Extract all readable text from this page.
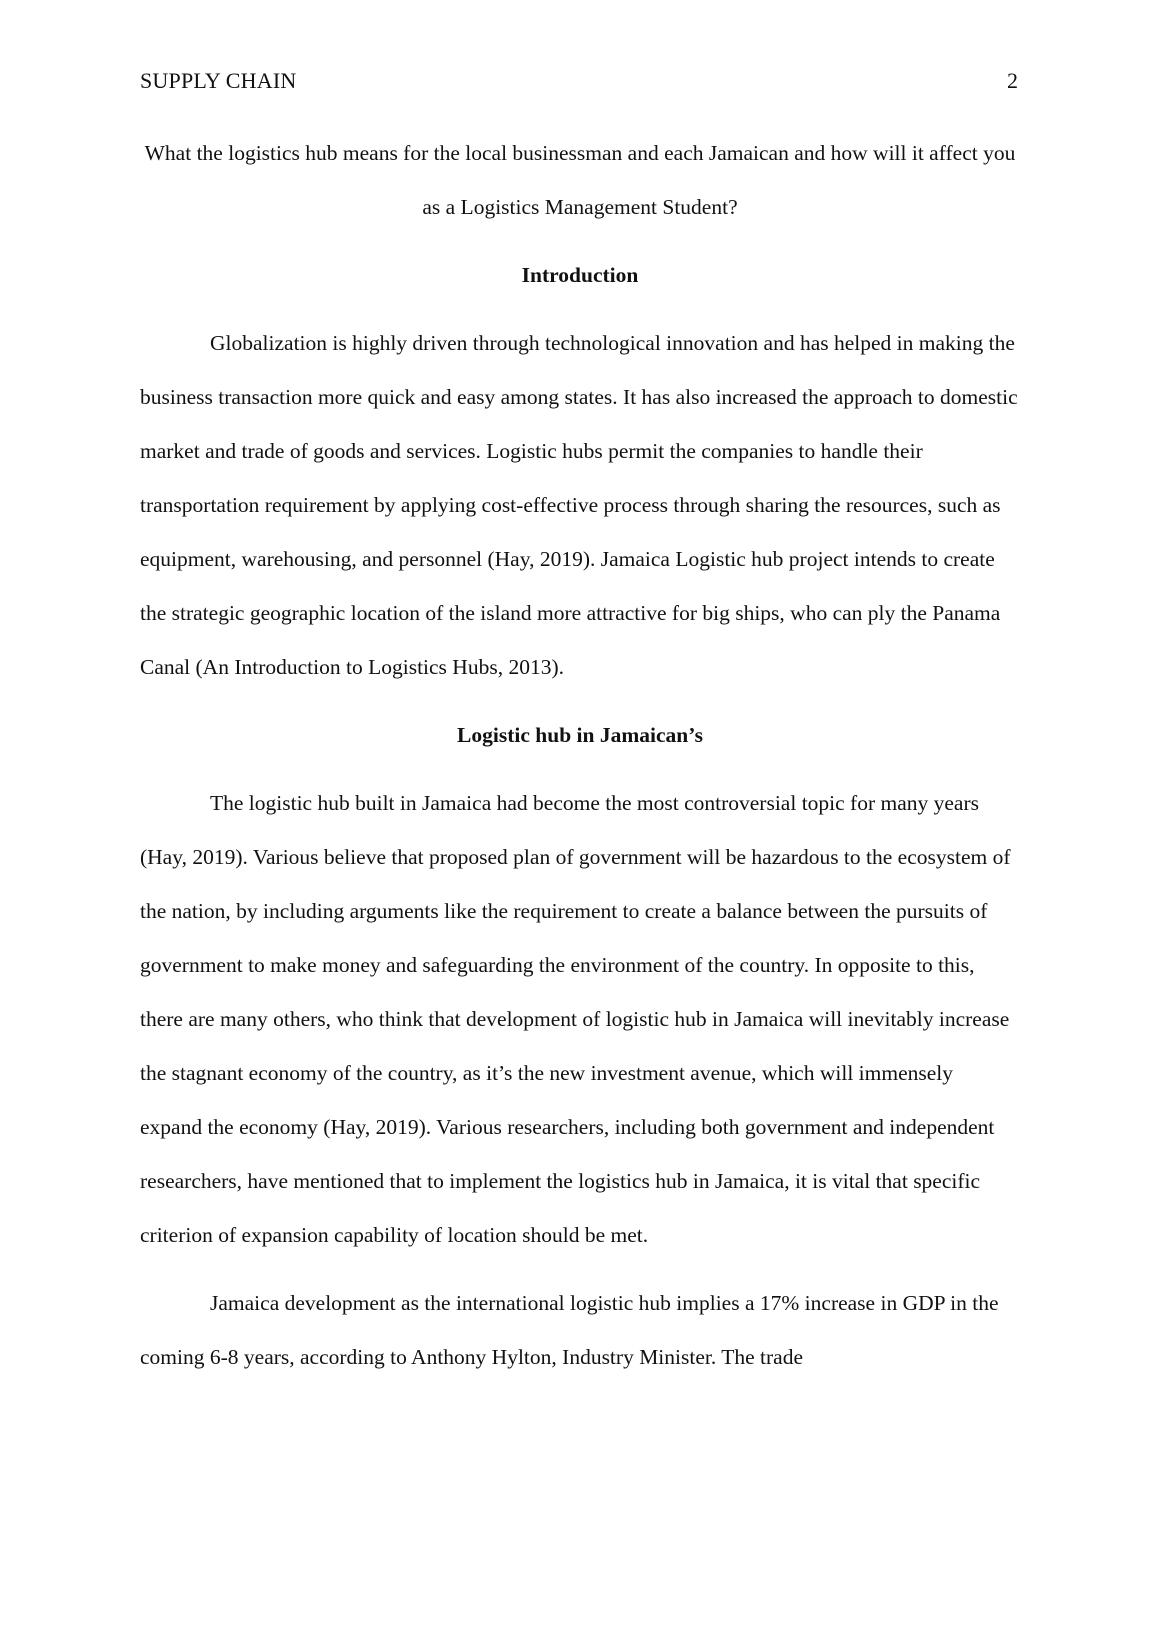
SUPPLY CHAIN	2

What the logistics hub means for the local businessman and each Jamaican and how will it affect you as a Logistics Management Student?

Introduction

Globalization is highly driven through technological innovation and has helped in making the business transaction more quick and easy among states. It has also increased the approach to domestic market and trade of goods and services. Logistic hubs permit the companies to handle their transportation requirement by applying cost-effective process through sharing the resources, such as equipment, warehousing, and personnel (Hay, 2019). Jamaica Logistic hub project intends to create the strategic geographic location of the island more attractive for big ships, who can ply the Panama Canal (An Introduction to Logistics Hubs, 2013).

Logistic hub in Jamaican’s

The logistic hub built in Jamaica had become the most controversial topic for many years (Hay, 2019). Various believe that proposed plan of government will be hazardous to the ecosystem of the nation, by including arguments like the requirement to create a balance between the pursuits of government to make money and safeguarding the environment of the country. In opposite to this, there are many others, who think that development of logistic hub in Jamaica will inevitably increase the stagnant economy of the country, as it’s the new investment avenue, which will immensely expand the economy (Hay, 2019). Various researchers, including both government and independent researchers, have mentioned that to implement the logistics hub in Jamaica, it is vital that specific criterion of expansion capability of location should be met.

Jamaica development as the international logistic hub implies a 17% increase in GDP in the coming 6-8 years, according to Anthony Hylton, Industry Minister. The trade
